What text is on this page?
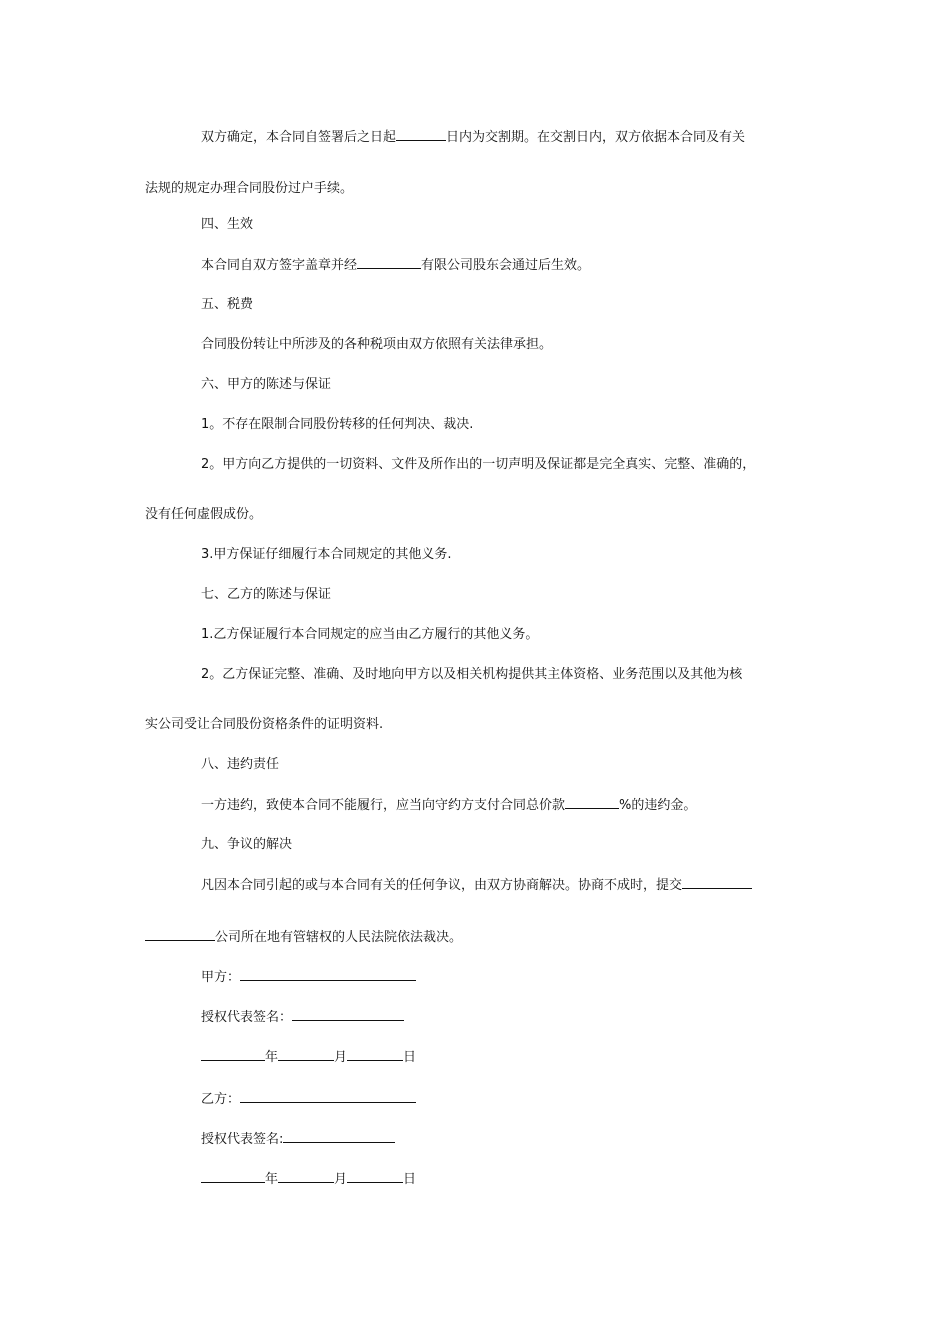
双方确定，本合同自签署后之日起	日内为交割期。在交割日内，双方依据本合同及有关
法规的规定办理合同股份过户手续。
四、生效
本合同自双方签字盖章并经	有限公司股东会通过后生效。
五、税费
合同股份转让中所涉及的各种税项由双方依照有关法律承担。
六、甲方的陈述与保证
1。不存在限制合同股份转移的任何判决、裁决.
2。甲方向乙方提供的一切资料、文件及所作出的一切声明及保证都是完全真实、完整、准确的，
没有任何虚假成份。
3.甲方保证仔细履行本合同规定的其他义务.
七、乙方的陈述与保证
1.乙方保证履行本合同规定的应当由乙方履行的其他义务。
2。乙方保证完整、准确、及时地向甲方以及相关机构提供其主体资格、业务范围以及其他为核
实公司受让合同股份资格条件的证明资料.
八、违约责任
一方违约，致使本合同不能履行，应当向守约方支付合同总价款	%的违约金。
九、争议的解决
凡因本合同引起的或与本合同有关的任何争议，由双方协商解决。协商不成时，提交
公司所在地有管辖权的人民法院依法裁决。
甲方：
授权代表签名：
年	月	日
乙方：
授权代表签名:
年	月	日
